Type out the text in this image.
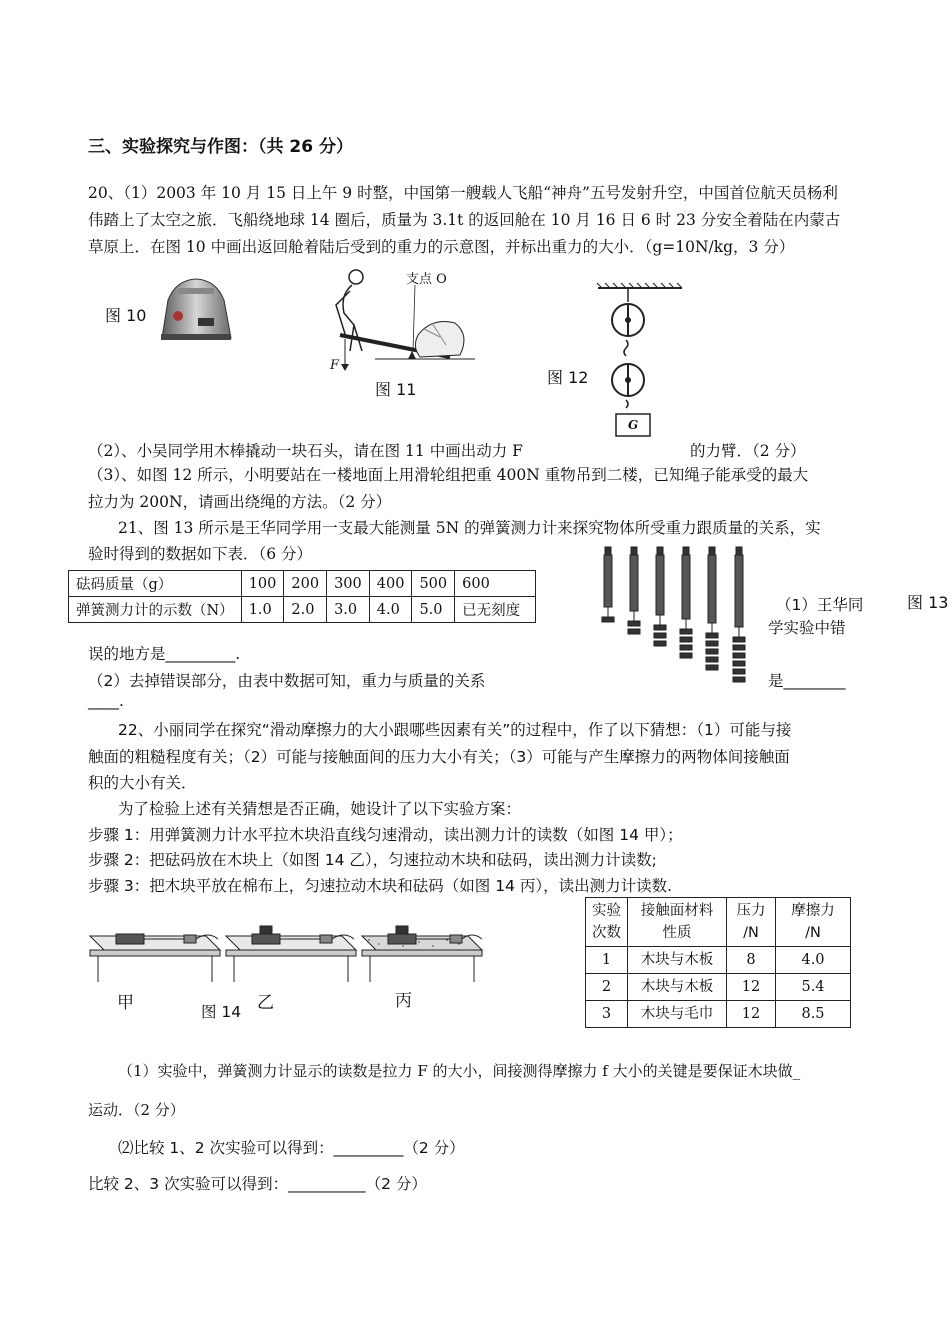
三、实验探究与作图：（共 26 分）
20、（1）2003 年 10 月 15 日上午 9 时整，中国第一艘载人飞船“神舟”五号发射升空，中国首位航天员杨利
伟踏上了太空之旅．飞船绕地球 14 圈后，质量为 3.1t 的返回舱在 10 月 16 日 6 时 23 分安全着陆在内蒙古
草原上．在图 10 中画出返回舱着陆后受到的重力的示意图，并标出重力的大小．（g=10N/kg，3 分）
图 10
支点 O
F
图 11
图 12
G
（2）、小吴同学用木棒撬动一块石头，请在图 11 中画出动力 F	的力臂．（2 分）
（3）、如图 12 所示，小明要站在一楼地面上用滑轮组把重 400N 重物吊到二楼，已知绳子能承受的最大
拉力为 200N，请画出绕绳的方法。（2 分）
21、图 13 所示是王华同学用一支最大能测量 5N 的弹簧测力计来探究物体所受重力跟质量的关系，实
验时得到的数据如下表．（6 分）
砝码质量（g）	100	200	300	400	500	600
弹簧测力计的示数（N）	1.0	2.0	3.0	4.0	5.0	已无刻度	图 13
（1）王华同
学实验中错
误的地方是_________.
（2）去掉错误部分，由表中数据可知，重力与质量的关系	是________
____.
22、小丽同学在探究“滑动摩擦力的大小跟哪些因素有关”的过程中，作了以下猜想：（1）可能与接
触面的粗糙程度有关；（2）可能与接触面间的压力大小有关；（3）可能与产生摩擦力的两物体间接触面
积的大小有关．
为了检验上述有关猜想是否正确，她设计了以下实验方案：
步骤 1：用弹簧测力计水平拉木块沿直线匀速滑动，读出测力计的读数（如图 14 甲）；
步骤 2：把砝码放在木块上（如图 14 乙），匀速拉动木块和砝码，读出测力计读数;
步骤 3：把木块平放在棉布上，匀速拉动木块和砝码（如图 14 丙），读出测力计读数.
甲	图 14 乙	丙
实验
次数	接触面材料
性质	压力
/N	摩擦力
/N
1	木块与木板	8	4.0
2	木块与木板	12	5.4
3	木块与毛巾	12	8.5
（1）实验中，弹簧测力计显示的读数是拉力 F 的大小，间接测得摩擦力 f 大小的关键是要保证木块做_
运动．（2 分）
⑵比较 1、2 次实验可以得到：_________（2 分）
比较 2、3 次实验可以得到：__________（2 分）
